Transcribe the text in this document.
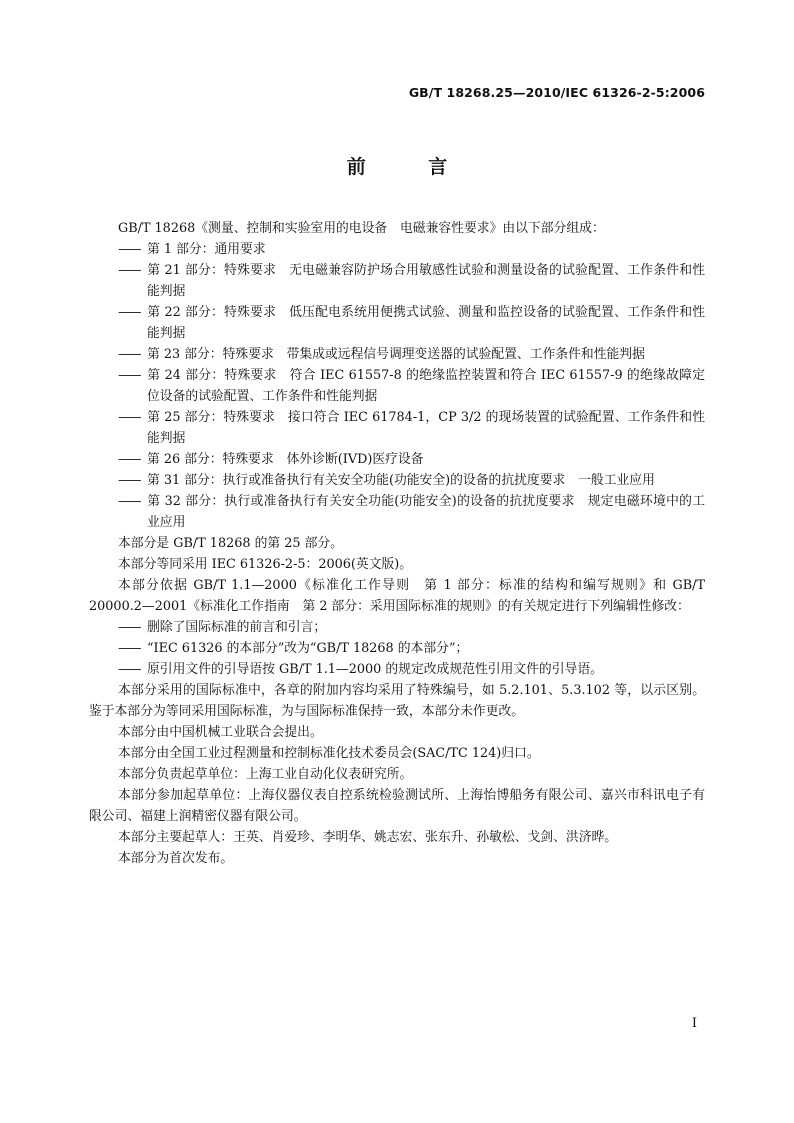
GB/T 18268.25—2010/IEC 61326-2-5:2006
前 言

GB/T 18268《测量、控制和实验室用的电设备　电磁兼容性要求》由以下部分组成：

—— 第 1 部分：通用要求

—— 第 21 部分：特殊要求　无电磁兼容防护场合用敏感性试验和测量设备的试验配置、工作条件和性能判据

—— 第 22 部分：特殊要求　低压配电系统用便携式试验、测量和监控设备的试验配置、工作条件和性能判据

—— 第 23 部分：特殊要求　带集成或远程信号调理变送器的试验配置、工作条件和性能判据

—— 第 24 部分：特殊要求　符合 IEC 61557-8 的绝缘监控装置和符合 IEC 61557-9 的绝缘故障定位设备的试验配置、工作条件和性能判据

—— 第 25 部分：特殊要求　接口符合 IEC 61784-1，CP 3/2 的现场装置的试验配置、工作条件和性能判据

—— 第 26 部分：特殊要求　体外诊断(IVD)医疗设备

—— 第 31 部分：执行或准备执行有关安全功能(功能安全)的设备的抗扰度要求　一般工业应用

—— 第 32 部分：执行或准备执行有关安全功能(功能安全)的设备的抗扰度要求　规定电磁环境中的工业应用

本部分是 GB/T 18268 的第 25 部分。

本部分等同采用 IEC 61326-2-5：2006(英文版)。

本部分依据 GB/T 1.1—2000《标准化工作导则　第 1 部分：标准的结构和编写规则》和 GB/T 20000.2—2001《标准化工作指南　第 2 部分：采用国际标准的规则》的有关规定进行下列编辑性修改：

—— 删除了国际标准的前言和引言；

—— “IEC 61326 的本部分”改为“GB/T 18268 的本部分”；

—— 原引用文件的引导语按 GB/T 1.1—2000 的规定改成规范性引用文件的引导语。

本部分采用的国际标准中，各章的附加内容均采用了特殊编号，如 5.2.101、5.3.102 等，以示区别。鉴于本部分为等同采用国际标准，为与国际标准保持一致，本部分未作更改。

本部分由中国机械工业联合会提出。

本部分由全国工业过程测量和控制标准化技术委员会(SAC/TC 124)归口。

本部分负责起草单位：上海工业自动化仪表研究所。

本部分参加起草单位：上海仪器仪表自控系统检验测试所、上海怡博船务有限公司、嘉兴市科讯电子有限公司、福建上润精密仪器有限公司。

本部分主要起草人：王英、肖爱珍、李明华、姚志宏、张东升、孙敏松、戈剑、洪济晔。

本部分为首次发布。

I
